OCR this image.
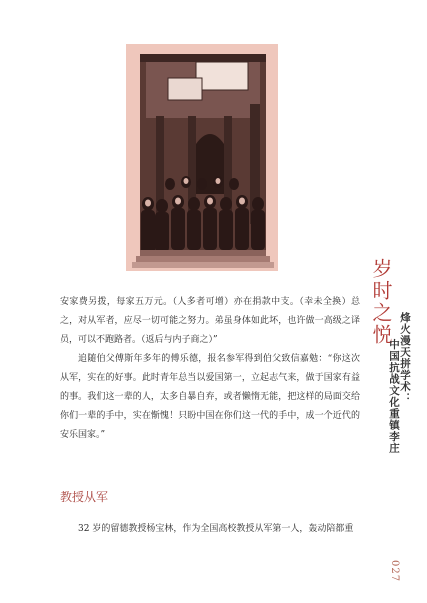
岁时之悦
烽火漫天拼学术：
中国抗战文化重镇李庄

安家费另拨，每家五万元。（人多者可增）亦在捐款中支。（幸未全换）总之，对从军者，应尽一切可能之努力。弟虽身体如此坏，也许做一高级之译员，可以不跑路者。（返后与内子商之）”

追随伯父傅斯年多年的傅乐德，报名参军得到伯父致信嘉勉：“你这次从军，实在的好事。此时青年总当以爱国第一，立起志气来，做于国家有益的事。我们这一辈的人，太多自暴自弃，或者懒惰无能，把这样的局面交给你们一辈的手中，实在惭愧！只盼中国在你们这一代的手中，成一个近代的安乐国家。”

教授从军
32 岁的留德教授杨宝林，作为全国高校教授从军第一人，轰动陪都重
027
